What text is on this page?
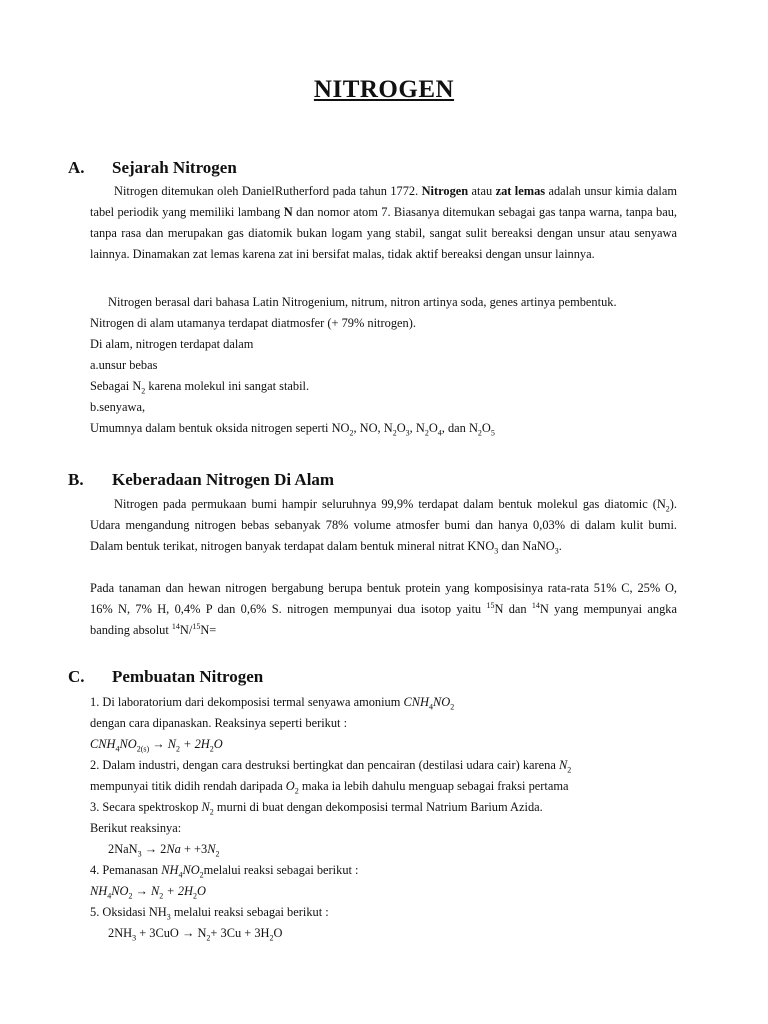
NITROGEN
A. Sejarah Nitrogen

Nitrogen ditemukan oleh DanielRutherford pada tahun 1772. Nitrogen atau zat lemas adalah unsur kimia dalam tabel periodik yang memiliki lambang N dan nomor atom 7. Biasanya ditemukan sebagai gas tanpa warna, tanpa bau, tanpa rasa dan merupakan gas diatomik bukan logam yang stabil, sangat sulit bereaksi dengan unsur atau senyawa lainnya. Dinamakan zat lemas karena zat ini bersifat malas, tidak aktif bereaksi dengan unsur lainnya.

Nitrogen berasal dari bahasa Latin Nitrogenium, nitrum, nitron artinya soda, genes artinya pembentuk.
Nitrogen di alam utamanya terdapat diatmosfer (+ 79% nitrogen).
Di alam, nitrogen terdapat dalam
a.unsur bebas
Sebagai $N_2$ karena molekul ini sangat stabil.
b.senyawa,
Umumnya dalam bentuk oksida nitrogen seperti $NO_2$, NO, $N_2O_3$, $N_2O_4$, dan $N_2O_5$
B. Keberadaan Nitrogen Di Alam

Nitrogen pada permukaan bumi hampir seluruhnya 99,9% terdapat dalam bentuk molekul gas diatomic $(N_2)$. Udara mengandung nitrogen bebas sebanyak 78% volume atmosfer bumi dan hanya 0,03% di dalam kulit bumi. Dalam bentuk terikat, nitrogen banyak terdapat dalam bentuk mineral nitrat $KNO_3$ dan NaNO$_3$.

Pada tanaman dan hewan nitrogen bergabung berupa bentuk protein yang komposisinya rata-rata 51% C, 25% O, 16% N, 7% H, 0,4% P dan 0,6% S. nitrogen mempunyai dua isotop yaitu $^{15}$N dan $^{14}$N yang mempunyai angka banding absolut $^{14}$N/$^{15}$N=

C. Pembuatan Nitrogen
1. Di laboratorium dari dekomposisi termal senyawa amonium $CNH_4NO_2$
dengan cara dipanaskan. Reaksinya seperti berikut :
$CNH_4NO_{2(s)} \to N_2 + 2H_2O$
2. Dalam industri, dengan cara destruksi bertingkat dan pencairan (destilasi udara cair) karena $N_2$
mempunyai titik didih rendah daripada $O_2$ maka ia lebih dahulu menguap sebagai fraksi pertama
3. Secara spektroskop $N_2$ murni di buat dengan dekomposisi termal Natrium Barium Azida.
Berikut reaksinya:
$2NaN_3 \to 2Na + +3N_2$
4. Pemanasan $NH_4NO_2melalui$ reaksi sebagai berikut :
$NH_4NO_2 \to N_2 + 2H_2O$
5. Oksidasi $NH_3$ melalui reaksi sebagai berikut :
$2NH_3 + 3CuO \to N_2+ 3Cu + 3H_2O$
